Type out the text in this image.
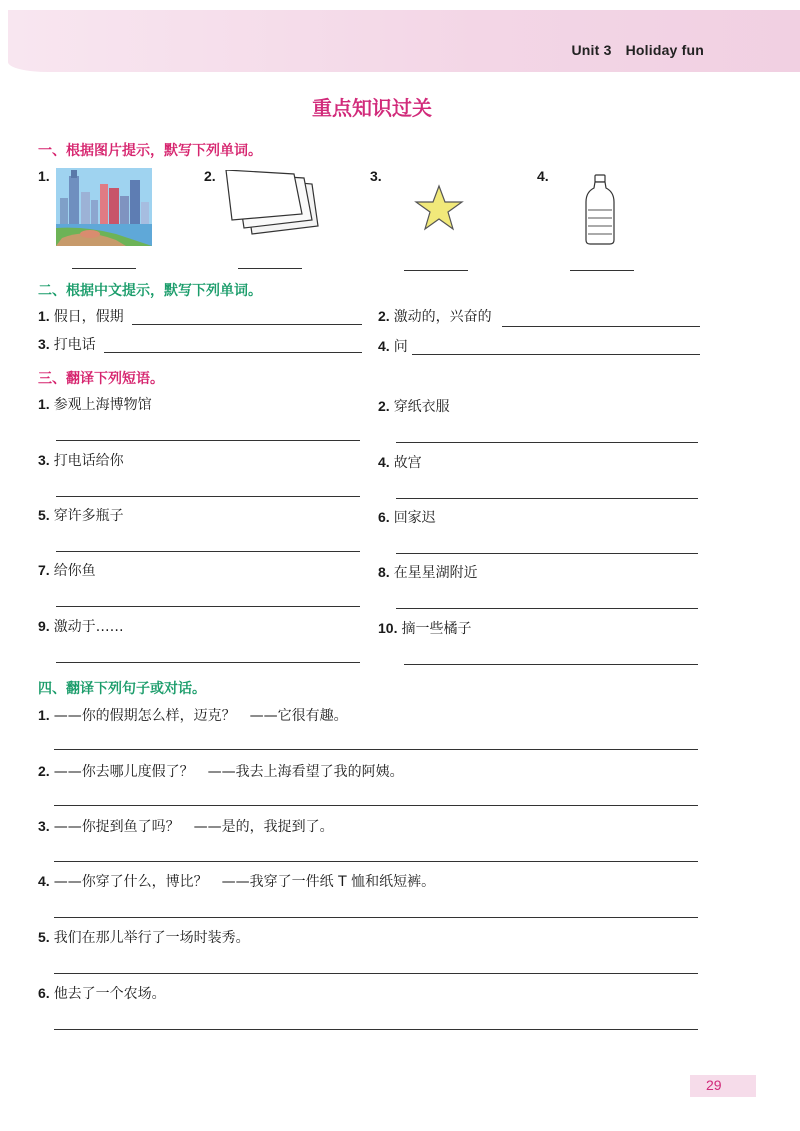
Unit 3 Holiday fun
重点知识过关
一、根据图片提示，默写下列单词。
1.	2.	3.	4.
二、根据中文提示，默写下列单词。
1. 假日，假期	2. 激动的，兴奋的
3. 打电话	4. 问
三、翻译下列短语。
1. 参观上海博物馆	2. 穿纸衣服
3. 打电话给你	4. 故宫
5. 穿许多瓶子	6. 回家迟
7. 给你鱼	8. 在星星湖附近
9. 激动于……	10. 摘一些橘子
四、翻译下列句子或对话。
1. ——你的假期怎么样，迈克？　——它很有趣。
2. ——你去哪儿度假了？　——我去上海看望了我的阿姨。
3. ——你捉到鱼了吗？　——是的，我捉到了。
4. ——你穿了什么，博比？　——我穿了一件纸 T 恤和纸短裤。
5. 我们在那儿举行了一场时装秀。
6. 他去了一个农场。
29
